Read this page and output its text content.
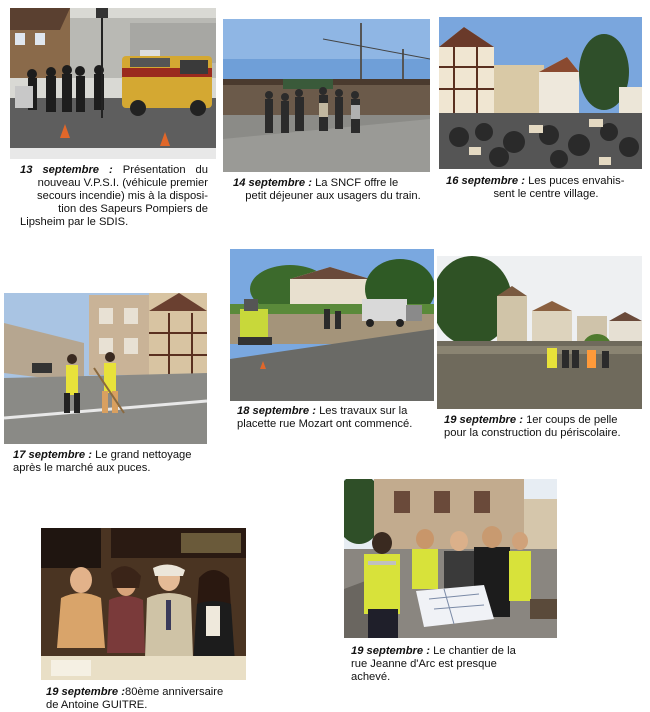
13 septembre : Présentation du
nouveau V.P.S.I. (véhicule premier
secours incendie) mis à la disposi-
tion des Sapeurs Pompiers de
Lipsheim par le SDIS.
14 septembre : La SNCF offre le
petit déjeuner aux usagers du train.
16 septembre : Les puces envahis-
sent le centre village.
17 septembre : Le grand nettoyage
après le marché aux puces.
18 septembre : Les travaux sur la
placette rue Mozart ont commencé.	19 septembre : 1er coups de pelle
pour la construction du périscolaire.
19 septembre :80ème anniversaire
de Antoine GUITRE.
19 septembre : Le chantier de la
rue Jeanne d'Arc est presque
achevé.
